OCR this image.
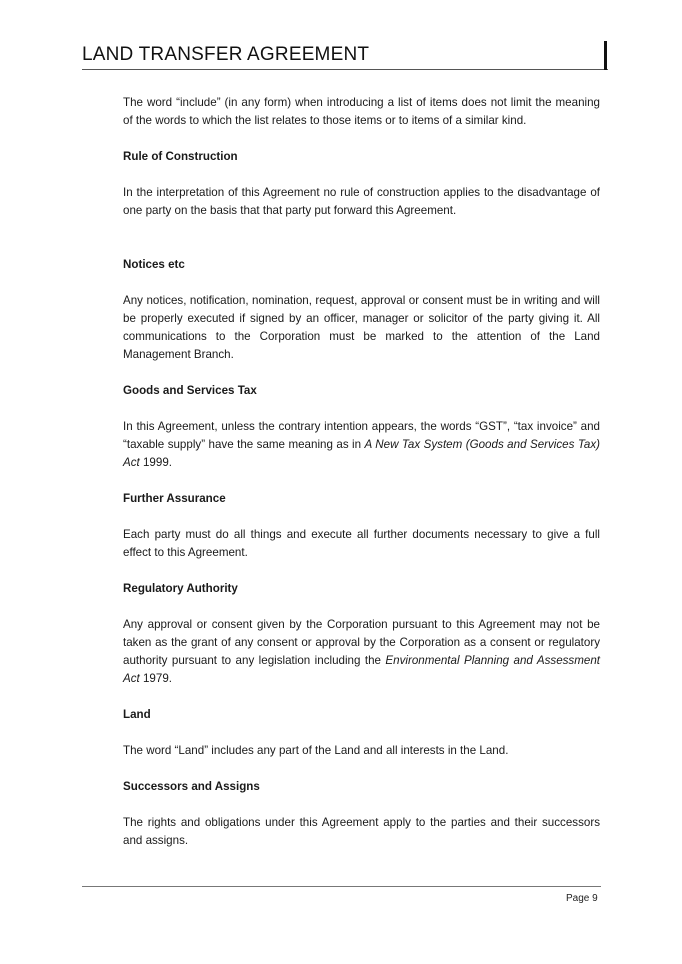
LAND TRANSFER AGREEMENT

The word “include” (in any form) when introducing a list of items does not limit the meaning of the words to which the list relates to those items or to items of a similar kind.

Rule of Construction

In the interpretation of this Agreement no rule of construction applies to the disadvantage of one party on the basis that that party put forward this Agreement.

Notices etc

Any notices, notification, nomination, request, approval or consent must be in writing and will be properly executed if signed by an officer, manager or solicitor of the party giving it. All communications to the Corporation must be marked to the attention of the Land Management Branch.

Goods and Services Tax

In this Agreement, unless the contrary intention appears, the words “GST”, “tax invoice” and “taxable supply” have the same meaning as in A New Tax System (Goods and Services Tax) Act 1999.

Further Assurance

Each party must do all things and execute all further documents necessary to give a full effect to this Agreement.

Regulatory Authority

Any approval or consent given by the Corporation pursuant to this Agreement may not be taken as the grant of any consent or approval by the Corporation as a consent or regulatory authority pursuant to any legislation including the Environmental Planning and Assessment Act 1979.

Land

The word “Land” includes any part of the Land and all interests in the Land.

Successors and Assigns

The rights and obligations under this Agreement apply to the parties and their successors and assigns.

Page 9
